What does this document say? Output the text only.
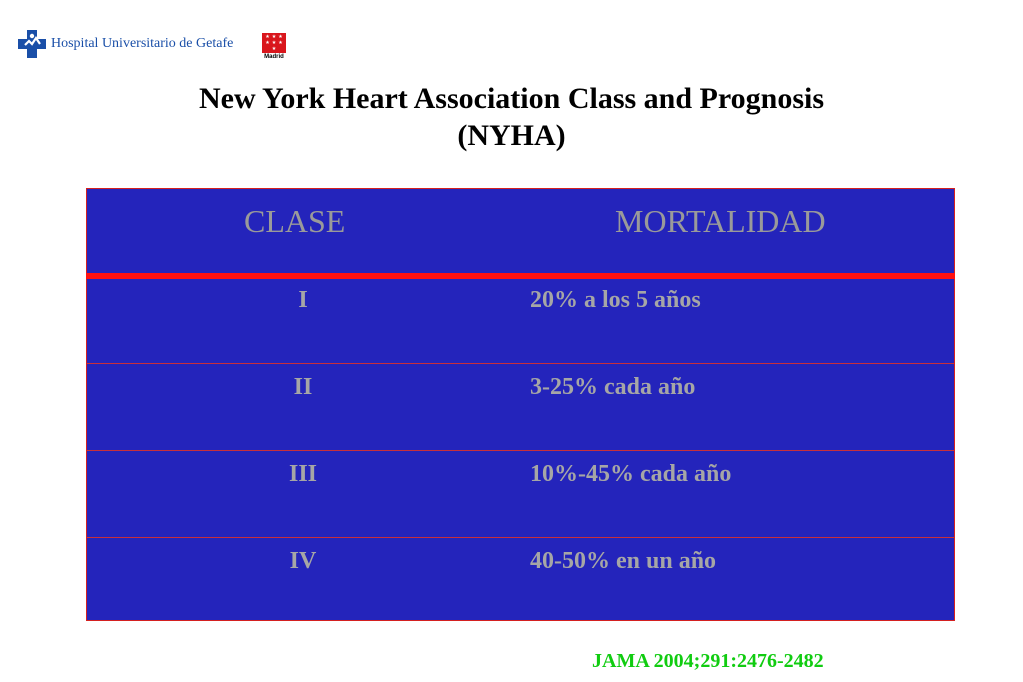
Hospital Universitario de Getafe	★ ★ ★
★ ★ ★
★
Madrid
New York Heart Association Class and Prognosis
(NYHA)
CLASE	MORTALIDAD
I	20% a los 5 años
II	3-25% cada año
III	10%-45% cada año
IV	40-50% en un año
JAMA 2004;291:2476-2482
